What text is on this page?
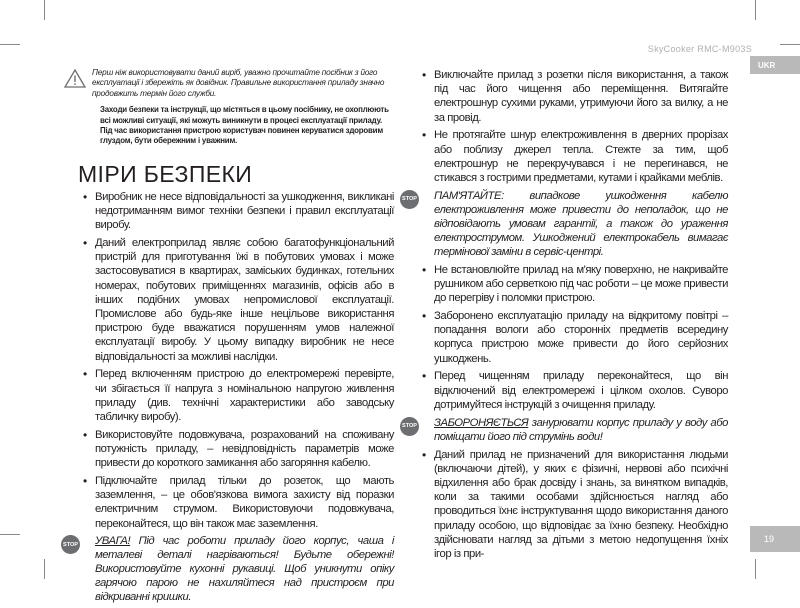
SkyCooker RMC-M903S
UKR
19
Перш ніж використовувати даний виріб, уважно прочитайте посібник з його експлуатації і збережіть як довідник. Правильне використання приладу значно продовжить термін його служби.
Заходи безпеки та інструкції, що містяться в цьому посібнику, не охоплюють всі можливі ситуації, які можуть виникнути в процесі експлуатації приладу. Під час використання пристрою користувач повинен керуватися здоровим глуздом, бути обережним і уважним.
МІРИ БЕЗПЕКИ
• Виробник не несе відповідальності за ушкодження, викликані недотриманням вимог техніки безпеки і правил експлуатації виробу.
• Даний електроприлад являє собою багатофункціональний пристрій для приготування їжі в побутових умовах і може застосовуватися в квартирах, заміських будинках, готельних номерах, побутових приміщеннях магазинів, офісів або в інших подібних умовах непромислової експлуатації. Промислове або будь-яке інше нецільове використання пристрою буде вважатися порушенням умов належної експлуатації виробу. У цьому випадку виробник не несе відповідальності за можливі наслідки.
• Перед включенням пристрою до електромережі перевірте, чи збігається її напруга з номінальною напругою живлення приладу (див. технічні характеристики або заводську табличку виробу).
• Використовуйте подовжувача, розрахований на споживану потужність приладу, – невідповідність параметрів може привести до короткого замикання або загоряння кабелю.
• Підключайте прилад тільки до розеток, що мають заземлення, – це обов'язкова вимога захисту від поразки електричним струмом. Використовуючи подовжувача, переконайтеся, що він також має заземлення.
STOP УВАГА! Під час роботи приладу його корпус, чаша і металеві деталі нагріваються! Будьте обережні! Використовуйте кухонні рукавиці. Щоб уникнути опіку гарячою парою не нахиляйтеся над пристроєм при відкриванні кришки.
• Виключайте прилад з розетки після використання, а також під час його чищення або переміщення. Витягайте електрошнур сухими руками, утримуючи його за вилку, а не за провід.
• Не протягайте шнур електроживлення в дверних прорізах або поблизу джерел тепла. Стежте за тим, щоб електрошнур не перекручувався і не перегинався, не стикався з гострими предметами, кутами і крайками меблів.
STOP ПАМ'ЯТАЙТЕ: випадкове ушкодження кабелю електроживлення може привести до неполадок, що не відповідають умовам гарантії, а також до ураження електрострумом. Ушкоджений електрокабель вимагає термінової заміни в сервіс-центрі.
• Не встановлюйте прилад на м'яку поверхню, не накривайте рушником або серветкою під час роботи – це може привести до перегріву і поломки пристрою.
• Заборонено експлуатацію приладу на відкритому повітрі – попадання вологи або сторонніх предметів всередину корпуса пристрою може привести до його серйозних ушкоджень.
• Перед чищенням приладу переконайтеся, що він відключений від електромережі і цілком охолов. Суворо дотримуйтеся інструкцій з очищення приладу.
STOP ЗАБОРОНЯЄТЬСЯ занурювати корпус приладу у воду або поміщати його під струмінь води!
• Даний прилад не призначений для використання людьми (включаючи дітей), у яких є фізичні, нервові або психічні відхилення або брак досвіду і знань, за винятком випадків, коли за такими особами здійснюється нагляд або проводиться їхнє інструктування щодо використання даного приладу особою, що відповідає за їхню безпеку. Необхідно здійснювати нагляд за дітьми з метою недопущення їхніх ігор із при-
